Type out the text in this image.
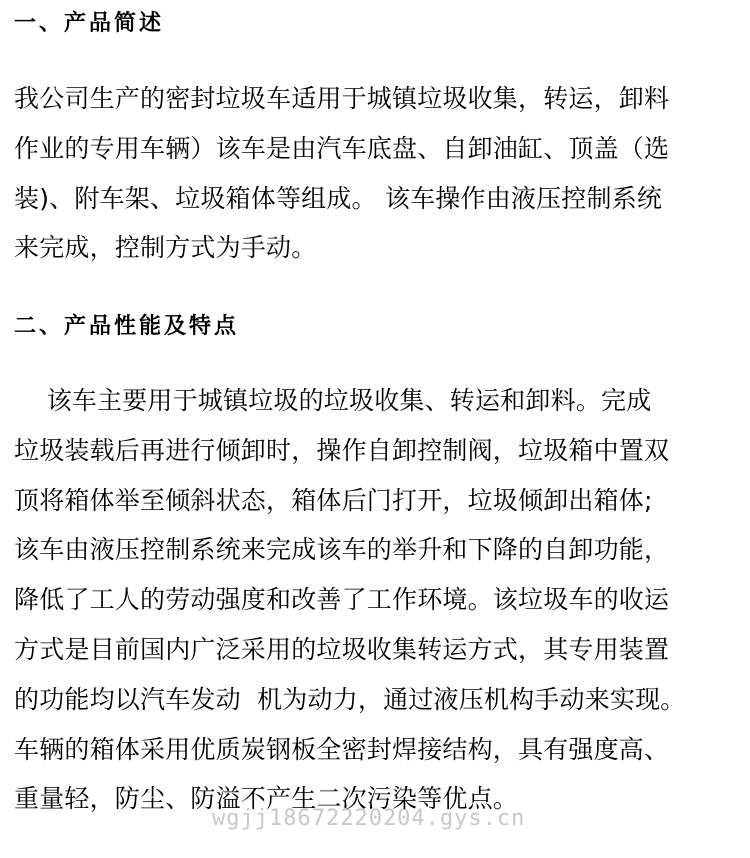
一、产品简述
我公司生产的密封垃圾车适用于城镇垃圾收集，转运，卸料
作业的专用车辆）该车是由汽车底盘、自卸油缸、顶盖（选
装)、附车架、垃圾箱体等组成。 该车操作由液压控制系统
来完成，控制方式为手动。
二、产品性能及特点
该车主要用于城镇垃圾的垃圾收集、转运和卸料。完成
垃圾装载后再进行倾卸时，操作自卸控制阀，垃圾箱中置双
顶将箱体举至倾斜状态，箱体后门打开，垃圾倾卸出箱体;
该车由液压控制系统来完成该车的举升和下降的自卸功能，
降低了工人的劳动强度和改善了工作环境。该垃圾车的收运
方式是目前国内广泛采用的垃圾收集转运方式，其专用装置
的功能均以汽车发动  机为动力，通过液压机构手动来实现。
车辆的箱体采用优质炭钢板全密封焊接结构，具有强度高、
重量轻，防尘、防溢不产生二次污染等优点。
wgjj18672220204.gys.cn
